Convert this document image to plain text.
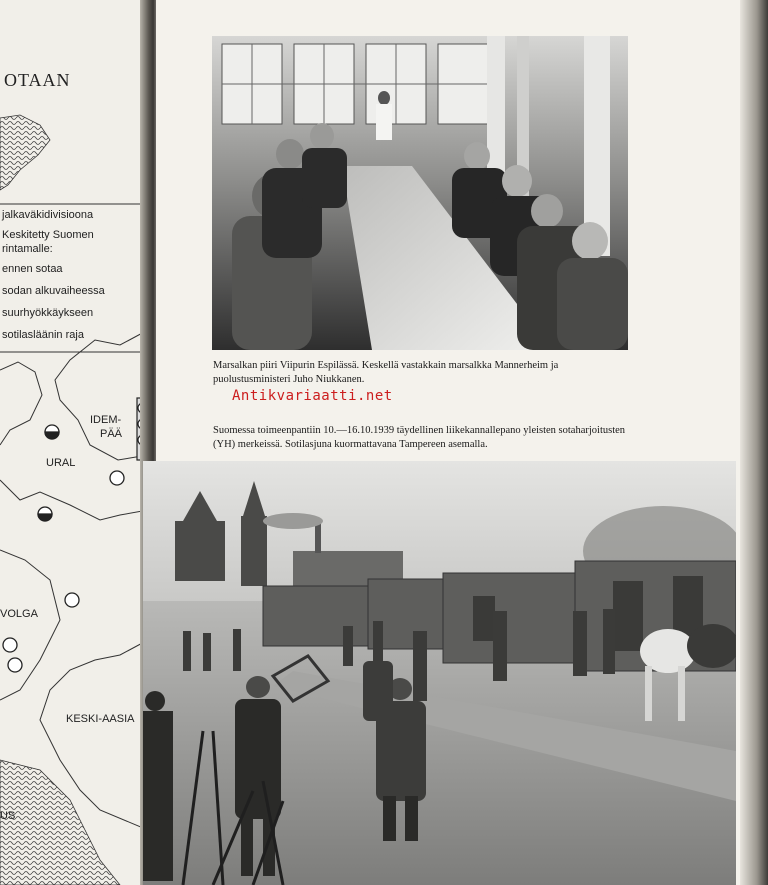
OTAAN
jalkaväkidivisioona
Keskitetty Suomen
rintamalle:
ennen sotaa
sodan alkuvaiheessa
suurhyökkäykseen
sotilasläänin raja
IDEM-
PÄÄ
URAL
VOLGA
KESKI-AASIA
US
Marsalkan piiri Viipurin Espilässä. Keskellä vastakkain marsalkka Mannerheim ja puolustusministeri Juho Niukkanen.
Antikvariaatti.net
Suomessa toimeenpantiin 10.—16.10.1939 täydellinen liikekannallepano yleisten sotaharjoitusten (YH) merkeissä. Sotilasjuna kuormattavana Tampereen asemalla.
